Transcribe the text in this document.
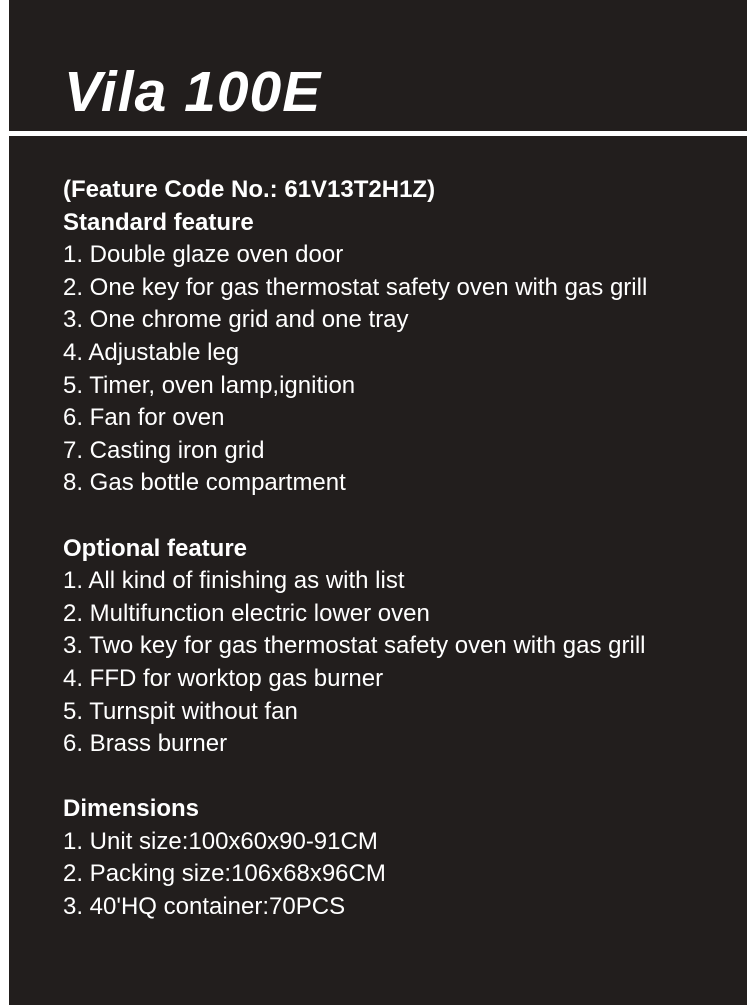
Vila 100E
(Feature Code No.: 61V13T2H1Z)
Standard feature
1. Double glaze oven door
2. One key for gas thermostat safety oven with gas grill
3. One chrome grid and one tray
4. Adjustable leg
5. Timer, oven lamp,ignition
6. Fan for oven
7. Casting iron grid
8. Gas bottle compartment
Optional feature
1. All kind of finishing as with list
2. Multifunction electric lower oven
3. Two key for gas thermostat safety oven with gas grill
4. FFD for worktop gas burner
5. Turnspit without fan
6. Brass burner
Dimensions
1. Unit size:100x60x90-91CM
2. Packing size:106x68x96CM
3. 40'HQ container:70PCS
